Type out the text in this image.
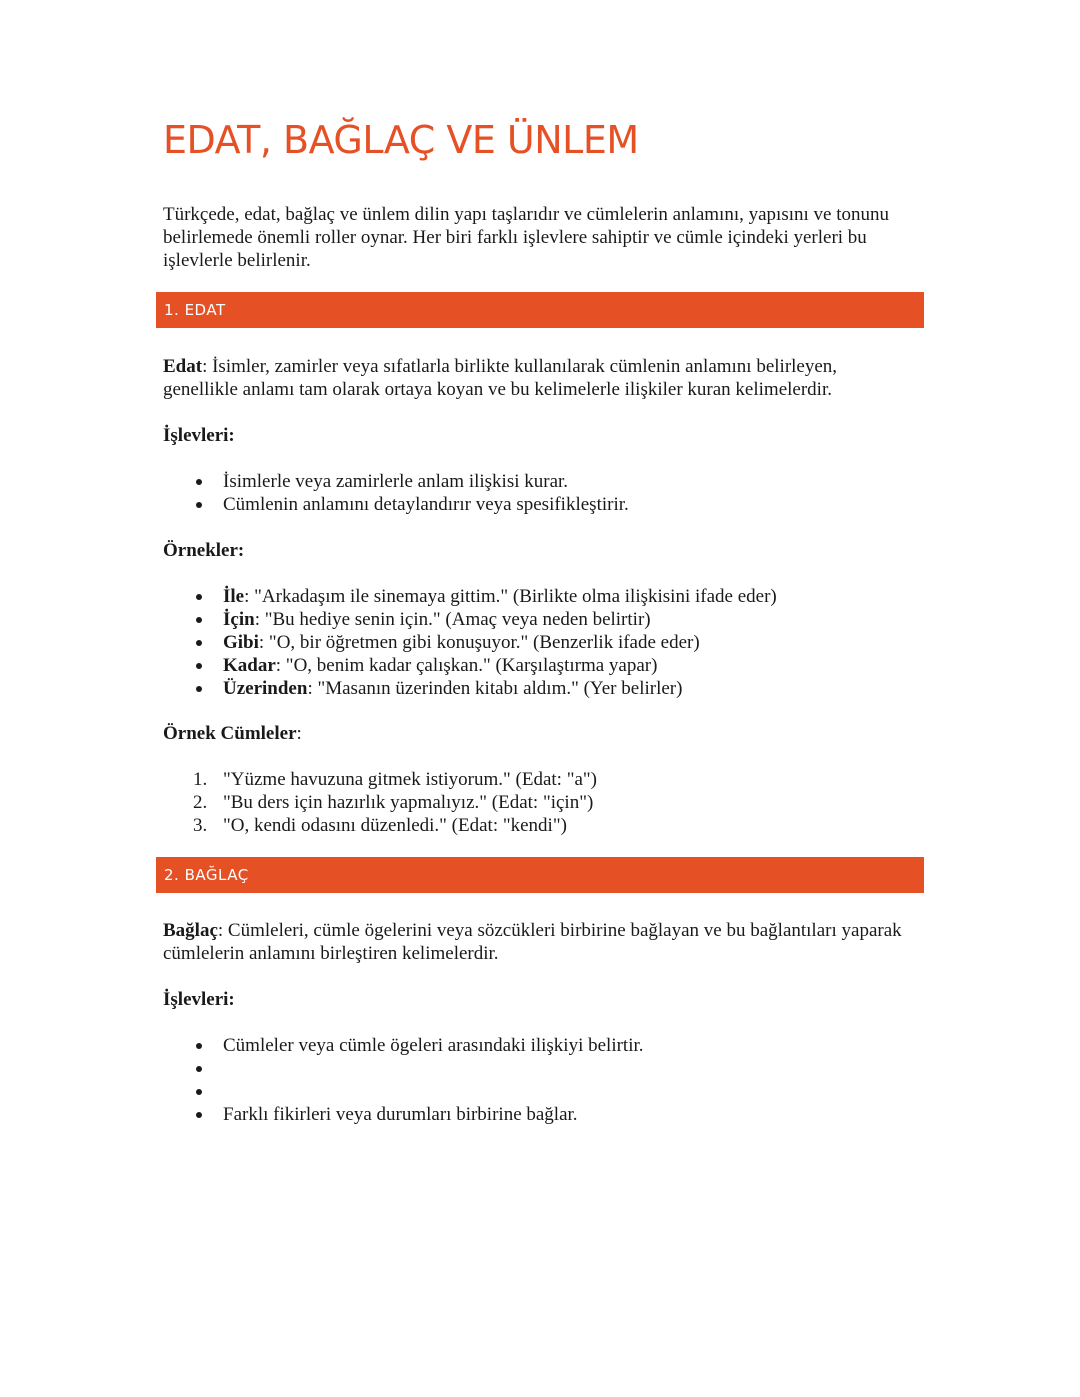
EDAT, BAĞLAÇ VE ÜNLEM

Türkçede, edat, bağlaç ve ünlem dilin yapı taşlarıdır ve cümlelerin anlamını, yapısını ve tonunu belirlemede önemli roller oynar. Her biri farklı işlevlere sahiptir ve cümle içindeki yerleri bu işlevlerle belirlenir.

1. EDAT

Edat: İsimler, zamirler veya sıfatlarla birlikte kullanılarak cümlenin anlamını belirleyen, genellikle anlamı tam olarak ortaya koyan ve bu kelimelerle ilişkiler kuran kelimelerdir.

İşlevleri:

İsimlerle veya zamirlerle anlam ilişkisi kurar.
Cümlenin anlamını detaylandırır veya spesifikleştirir.

Örnekler:

İle: "Arkadaşım ile sinemaya gittim." (Birlikte olma ilişkisini ifade eder)
İçin: "Bu hediye senin için." (Amaç veya neden belirtir)
Gibi: "O, bir öğretmen gibi konuşuyor." (Benzerlik ifade eder)
Kadar: "O, benim kadar çalışkan." (Karşılaştırma yapar)
Üzerinden: "Masanın üzerinden kitabı aldım." (Yer belirler)

Örnek Cümleler:

1. "Yüzme havuzuna gitmek istiyorum." (Edat: "a")
2. "Bu ders için hazırlık yapmalıyız." (Edat: "için")
3. "O, kendi odasını düzenledi." (Edat: "kendi")
2. BAĞLAÇ

Bağlaç: Cümleleri, cümle ögelerini veya sözcükleri birbirine bağlayan ve bu bağlantıları yaparak cümlelerin anlamını birleştiren kelimelerdir.

İşlevleri:

Cümleler veya cümle ögeleri arasındaki ilişkiyi belirtir.
Farklı fikirleri veya durumları birbirine bağlar.
